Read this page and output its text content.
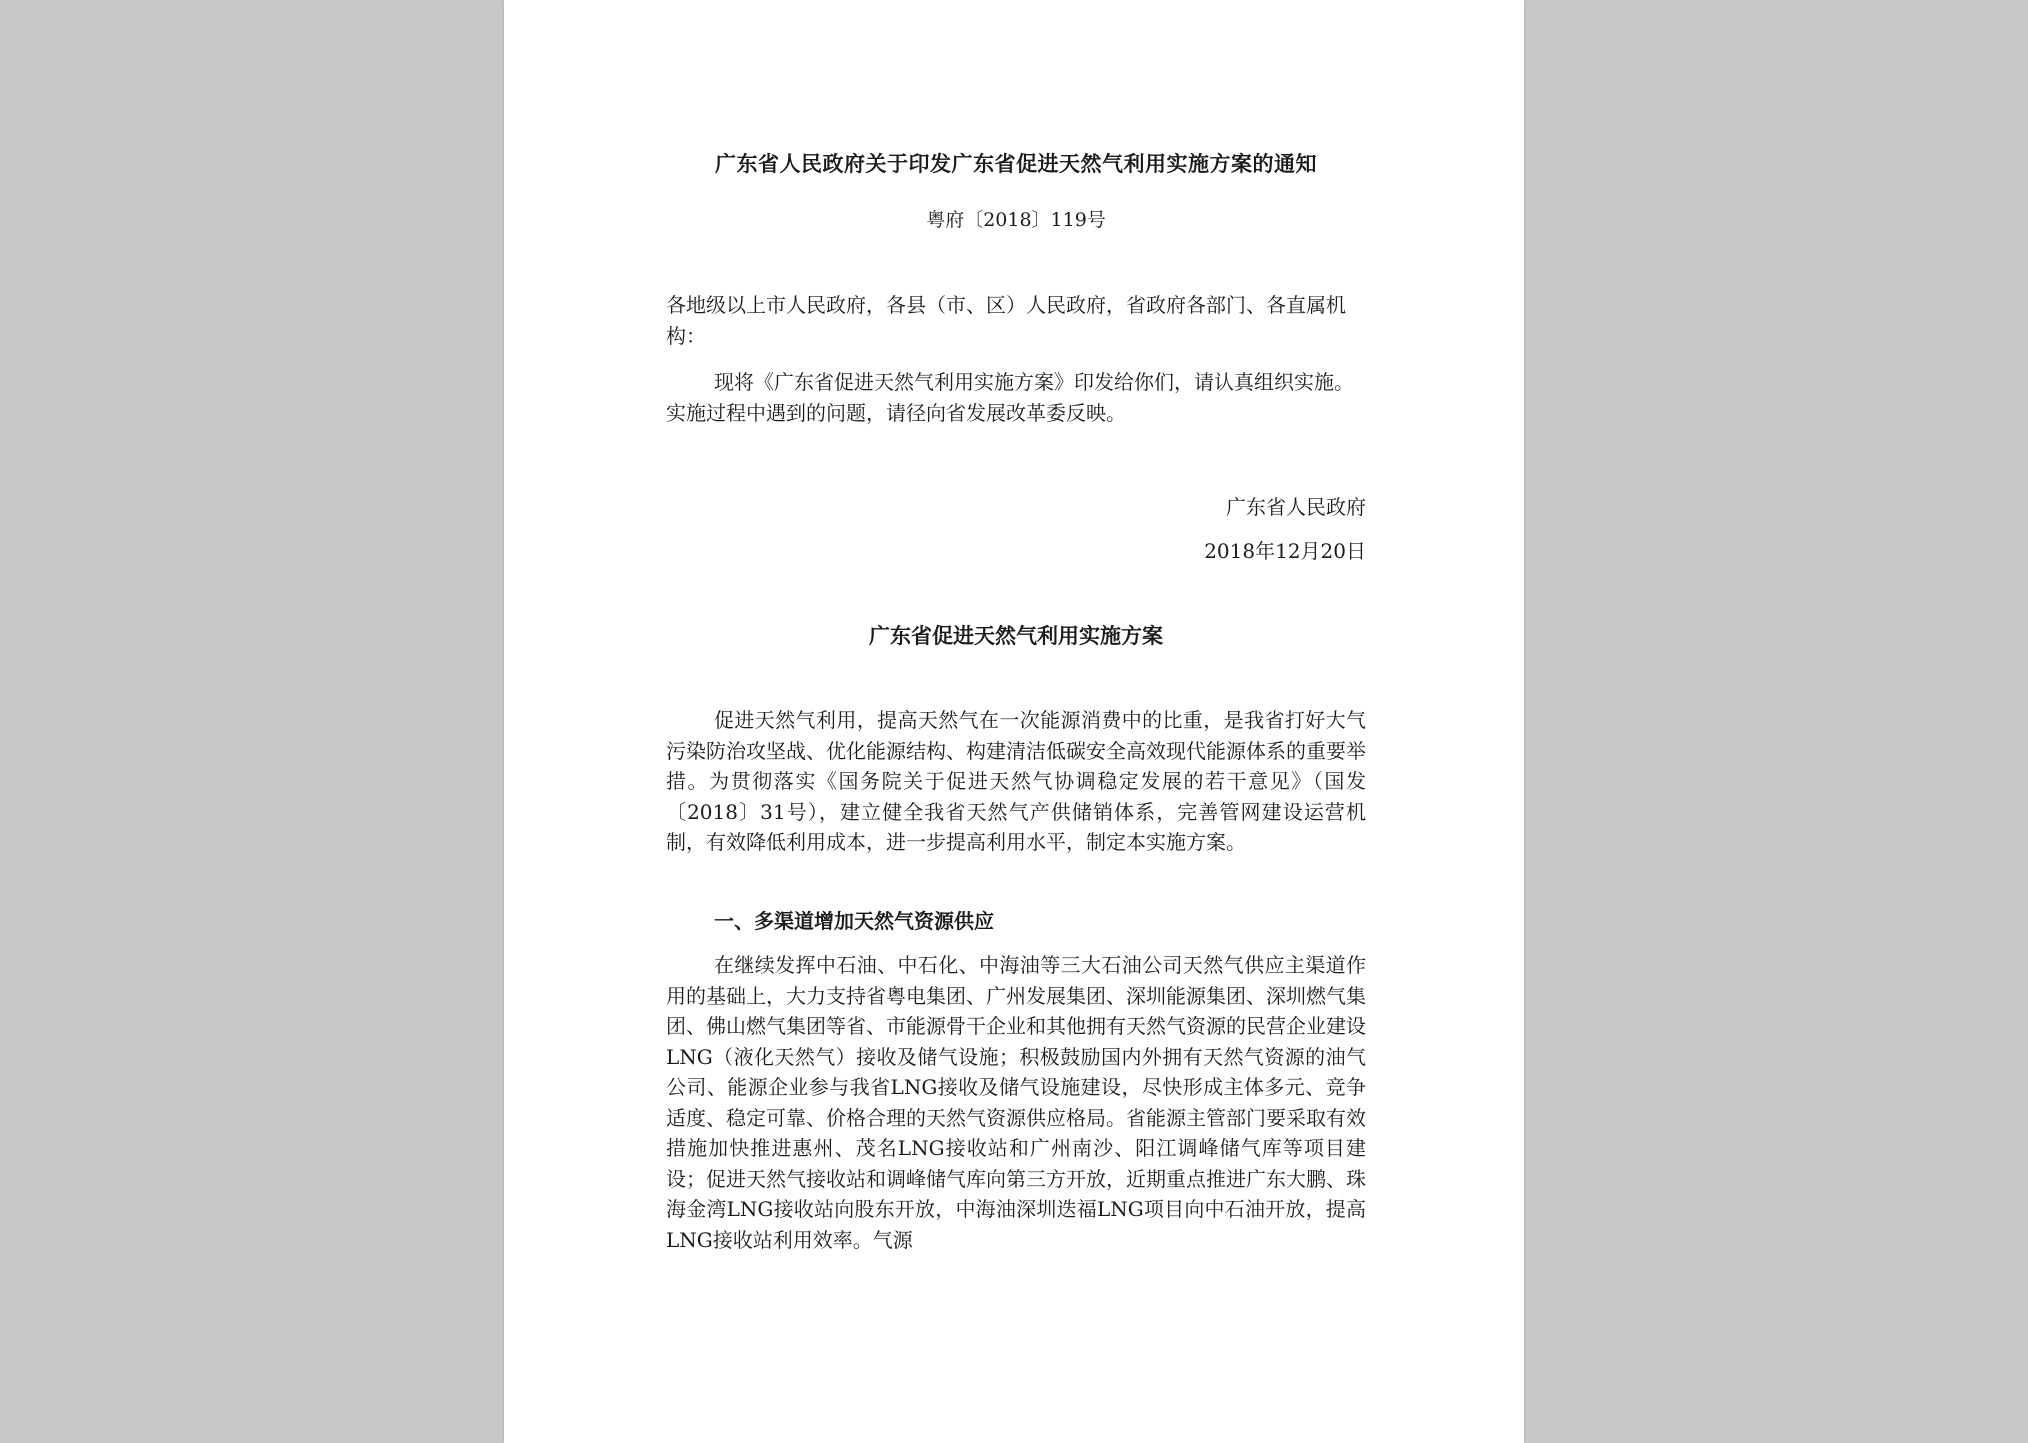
广东省人民政府关于印发广东省促进天然气利用实施方案的通知
粤府〔2018〕119号
各地级以上市人民政府，各县（市、区）人民政府，省政府各部门、各直属机构：
现将《广东省促进天然气利用实施方案》印发给你们，请认真组织实施。实施过程中遇到的问题，请径向省发展改革委反映。
广东省人民政府
2018年12月20日
广东省促进天然气利用实施方案
促进天然气利用，提高天然气在一次能源消费中的比重，是我省打好大气污染防治攻坚战、优化能源结构、构建清洁低碳安全高效现代能源体系的重要举措。为贯彻落实《国务院关于促进天然气协调稳定发展的若干意见》（国发〔2018〕31号），建立健全我省天然气产供储销体系，完善管网建设运营机制，有效降低利用成本，进一步提高利用水平，制定本实施方案。
一、多渠道增加天然气资源供应
在继续发挥中石油、中石化、中海油等三大石油公司天然气供应主渠道作用的基础上，大力支持省粤电集团、广州发展集团、深圳能源集团、深圳燃气集团、佛山燃气集团等省、市能源骨干企业和其他拥有天然气资源的民营企业建设LNG（液化天然气）接收及储气设施；积极鼓励国内外拥有天然气资源的油气公司、能源企业参与我省LNG接收及储气设施建设，尽快形成主体多元、竞争适度、稳定可靠、价格合理的天然气资源供应格局。省能源主管部门要采取有效措施加快推进惠州、茂名LNG接收站和广州南沙、阳江调峰储气库等项目建设；促进天然气接收站和调峰储气库向第三方开放，近期重点推进广东大鹏、珠海金湾LNG接收站向股东开放，中海油深圳迭福LNG项目向中石油开放，提高LNG接收站利用效率。气源
